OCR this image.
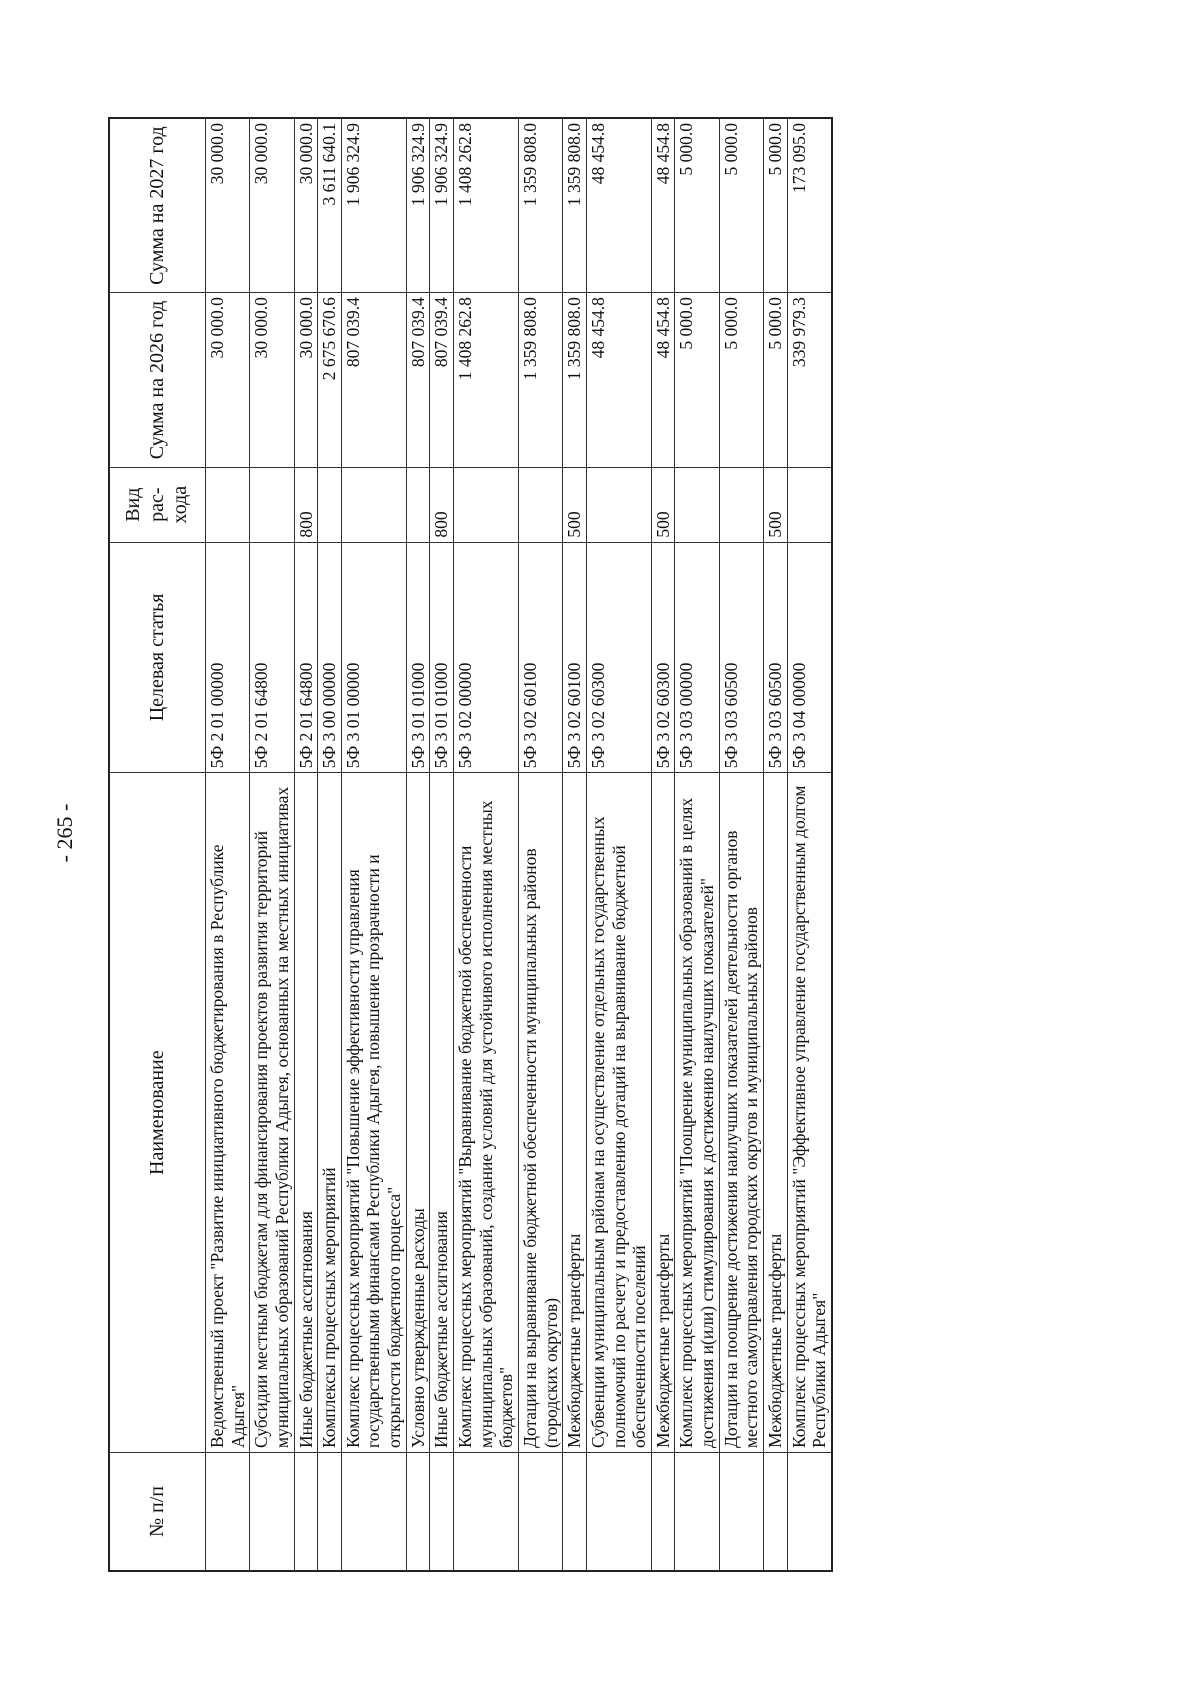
- 265 -
№ п/п	Наименование	Целевая статья	Вид рас-хода	Сумма на 2026 год	Сумма на 2027 год
	Ведомственный проект "Развитие инициативного бюджетирования в Республике Адыгея"	5Ф 2 01 00000		30 000.0	30 000.0
	Субсидии местным бюджетам для финансирования проектов развития территорий муниципальных образований Республики Адыгея, основанных на местных инициативах	5Ф 2 01 64800		30 000.0	30 000.0
	Иные бюджетные ассигнования	5Ф 2 01 64800	800	30 000.0	30 000.0
	Комплексы процессных мероприятий	5Ф 3 00 00000		2 675 670.6	3 611 640.1
	Комплекс процессных мероприятий "Повышение эффективности управления государственными финансами Республики Адыгея, повышение прозрачности и открытости бюджетного процесса"	5Ф 3 01 00000		807 039.4	1 906 324.9
	Условно утвержденные расходы	5Ф 3 01 01000		807 039.4	1 906 324.9
	Иные бюджетные ассигнования	5Ф 3 01 01000	800	807 039.4	1 906 324.9
	Комплекс процессных мероприятий "Выравнивание бюджетной обеспеченности муниципальных образований, создание условий для устойчивого исполнения местных бюджетов"	5Ф 3 02 00000		1 408 262.8	1 408 262.8
	Дотации на выравнивание бюджетной обеспеченности муниципальных районов (городских округов)	5Ф 3 02 60100		1 359 808.0	1 359 808.0
	Межбюджетные трансферты	5Ф 3 02 60100	500	1 359 808.0	1 359 808.0
	Субвенции муниципальным районам на осуществление отдельных государственных полномочий по расчету и предоставлению дотаций на выравнивание бюджетной обеспеченности поселений	5Ф 3 02 60300		48 454.8	48 454.8
	Межбюджетные трансферты	5Ф 3 02 60300	500	48 454.8	48 454.8
	Комплекс процессных мероприятий "Поощрение муниципальных образований в целях достижения и(или) стимулирования к достижению наилучших показателей"	5Ф 3 03 00000		5 000.0	5 000.0
	Дотации на поощрение достижения наилучших показателей деятельности органов местного самоуправления городских округов и муниципальных районов	5Ф 3 03 60500		5 000.0	5 000.0
	Межбюджетные трансферты	5Ф 3 03 60500	500	5 000.0	5 000.0
	Комплекс процессных мероприятий "Эффективное управление государственным долгом Республики Адыгея"	5Ф 3 04 00000		339 979.3	173 095.0
